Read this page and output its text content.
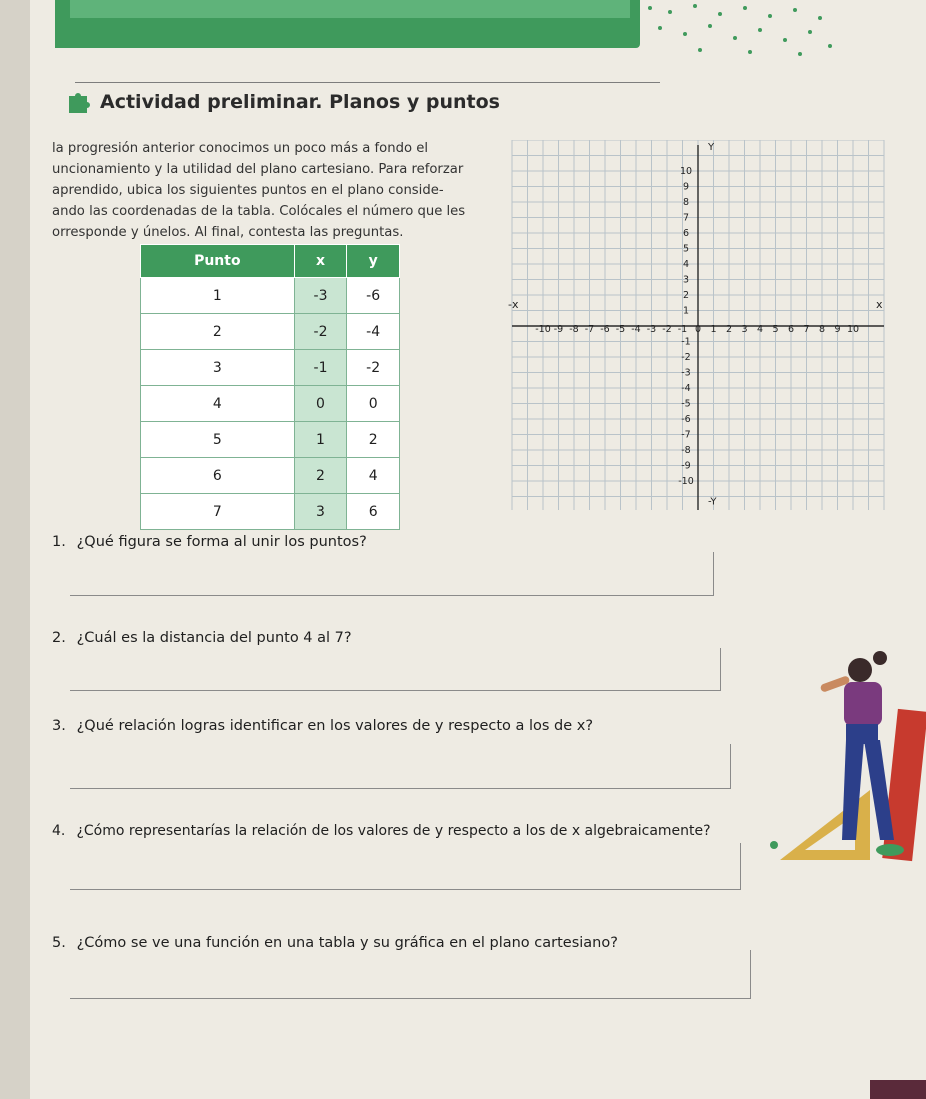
Actividad preliminar. Planos y puntos

la progresión anterior conocimos un poco más a fondo el

uncionamiento y la utilidad del plano cartesiano. Para reforzar

aprendido, ubica los siguientes puntos en el plano conside-

ando las coordenadas de la tabla. Colócales el número que les

orresponde y únelos. Al final, contesta las preguntas.

Punto	x	y
1	-3	-6
2	-2	-4
3	-1	-2
4	0	0
5	1	2
6	2	4
7	3	6
-10 -9 -8 -7 -6 -5 -4 -3 -2 -1 0 1 2 3 4 5 6 7 8 9 10
10
9
8
7
6
5
4
3
2
1
-1
-2
-3
-4
-5
-6
-7
-8
-9
-10
x
-x
Y
-Y
1. ¿Qué figura se forma al unir los puntos?
2. ¿Cuál es la distancia del punto 4 al 7?
3. ¿Qué relación logras identificar en los valores de y respecto a los de x?
4. ¿Cómo representarías la relación de los valores de y respecto a los de x algebraicamente?
5. ¿Cómo se ve una función en una tabla y su gráfica en el plano cartesiano?
